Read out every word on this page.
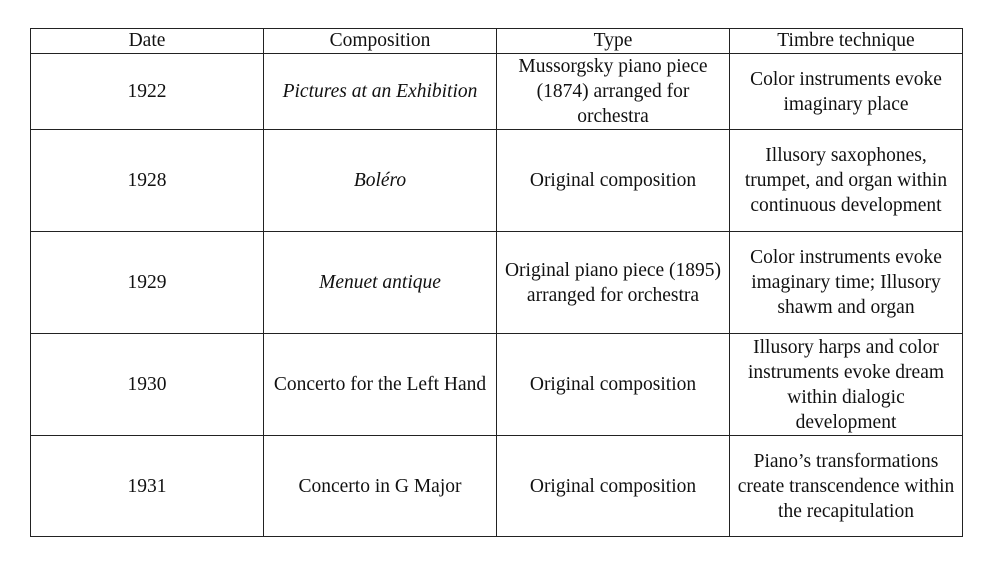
Date	Composition	Type	Timbre technique
1922	Pictures at an Exhibition	Mussorgsky piano piece (1874) arranged for orchestra	Color instruments evoke imaginary place
1928	Boléro	Original composition	Illusory saxophones, trumpet, and organ within continuous development
1929	Menuet antique	Original piano piece (1895) arranged for orchestra	Color instruments evoke imaginary time; Illusory shawm and organ
1930	Concerto for the Left Hand	Original composition	Illusory harps and color instruments evoke dream within dialogic development
1931	Concerto in G Major	Original composition	Piano’s transformations create transcendence within the recapitulation
